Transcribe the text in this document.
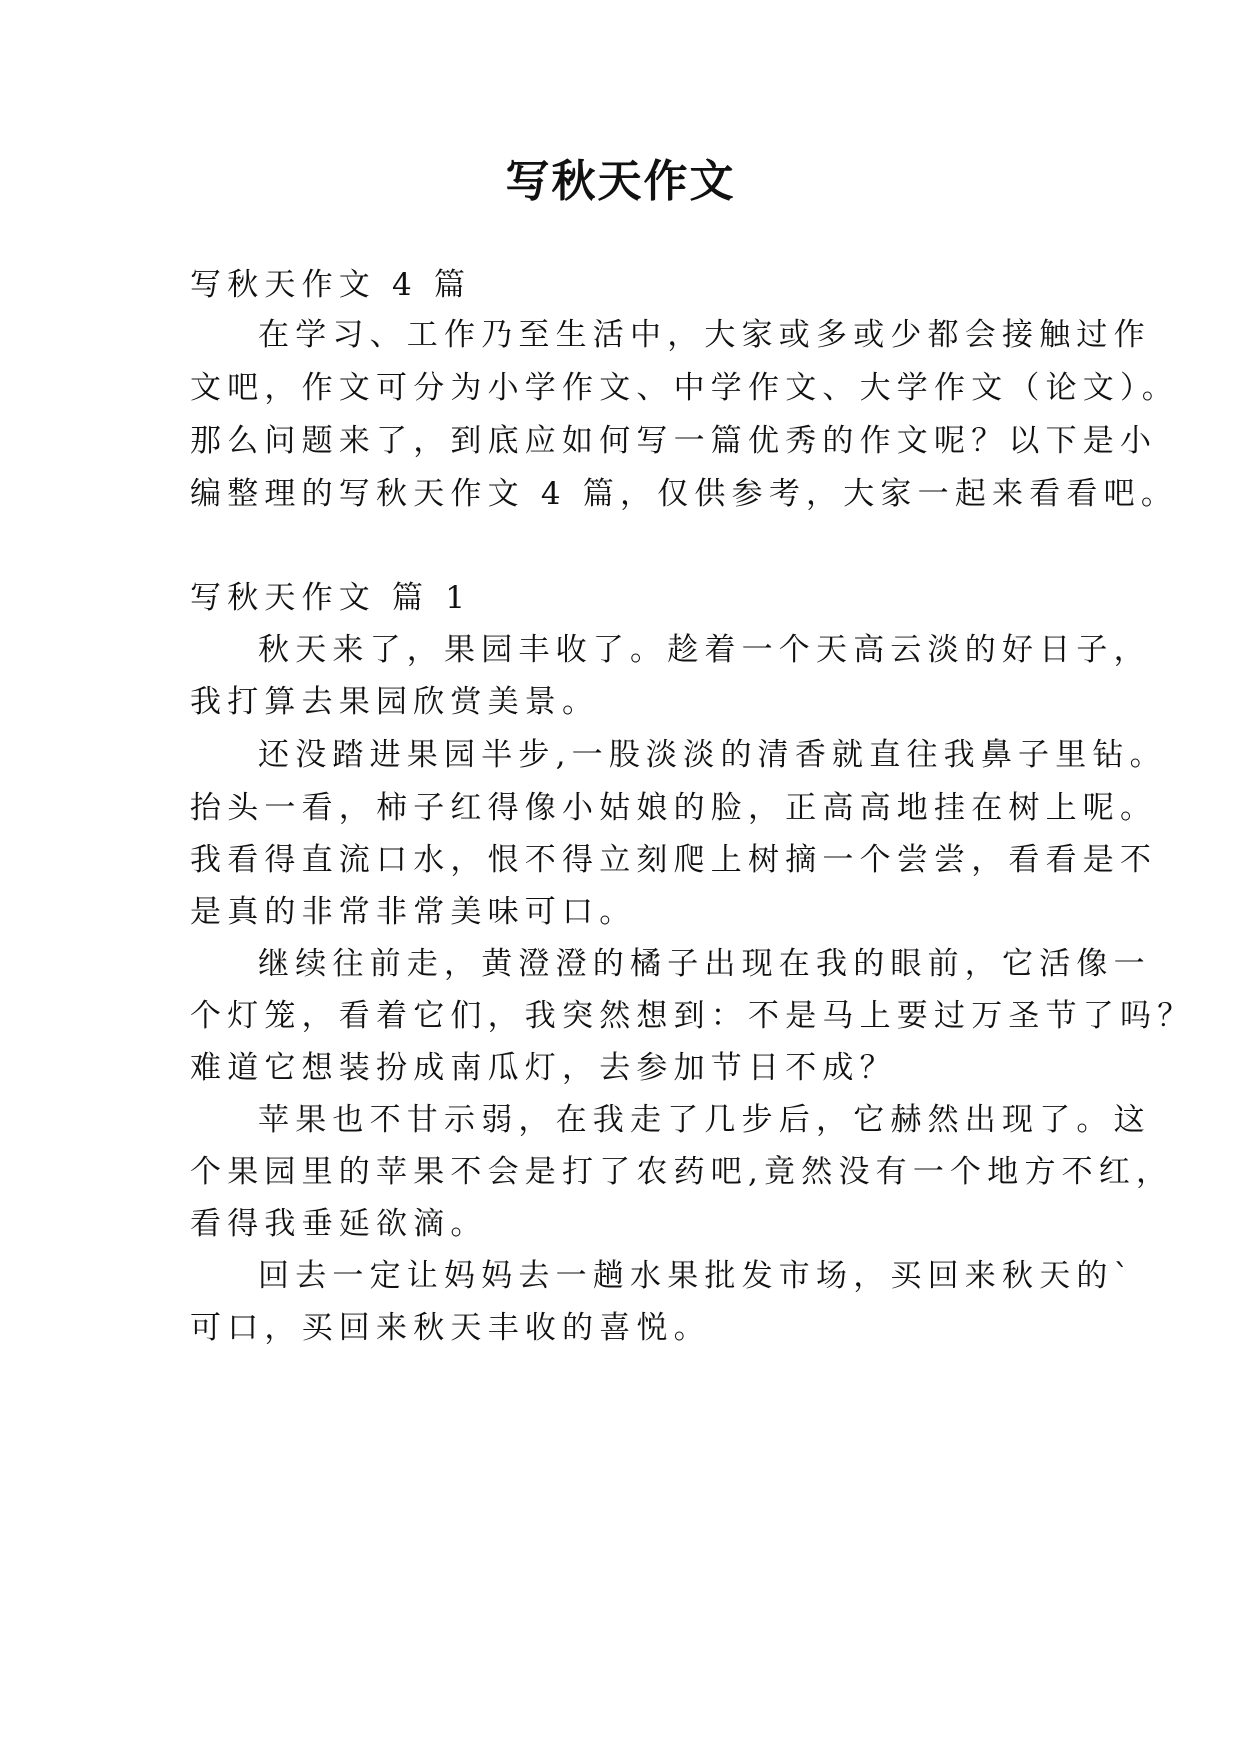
写秋天作文

写秋天作文 4 篇

在学习、工作乃至生活中，大家或多或少都会接触过作

文吧，作文可分为小学作文、中学作文、大学作文（论文）。

那么问题来了，到底应如何写一篇优秀的作文呢？以下是小

编整理的写秋天作文 4 篇，仅供参考，大家一起来看看吧。

写秋天作文 篇 1

秋天来了，果园丰收了。趁着一个天高云淡的好日子，

我打算去果园欣赏美景。

还没踏进果园半步,一股淡淡的清香就直往我鼻子里钻。

抬头一看，柿子红得像小姑娘的脸，正高高地挂在树上呢。

我看得直流口水，恨不得立刻爬上树摘一个尝尝，看看是不

是真的非常非常美味可口。

继续往前走，黄澄澄的橘子出现在我的眼前，它活像一

个灯笼，看着它们，我突然想到：不是马上要过万圣节了吗？

难道它想装扮成南瓜灯，去参加节日不成？

苹果也不甘示弱，在我走了几步后，它赫然出现了。这

个果园里的苹果不会是打了农药吧,竟然没有一个地方不红，

看得我垂延欲滴。

回去一定让妈妈去一趟水果批发市场，买回来秋天的`

可口，买回来秋天丰收的喜悦。
